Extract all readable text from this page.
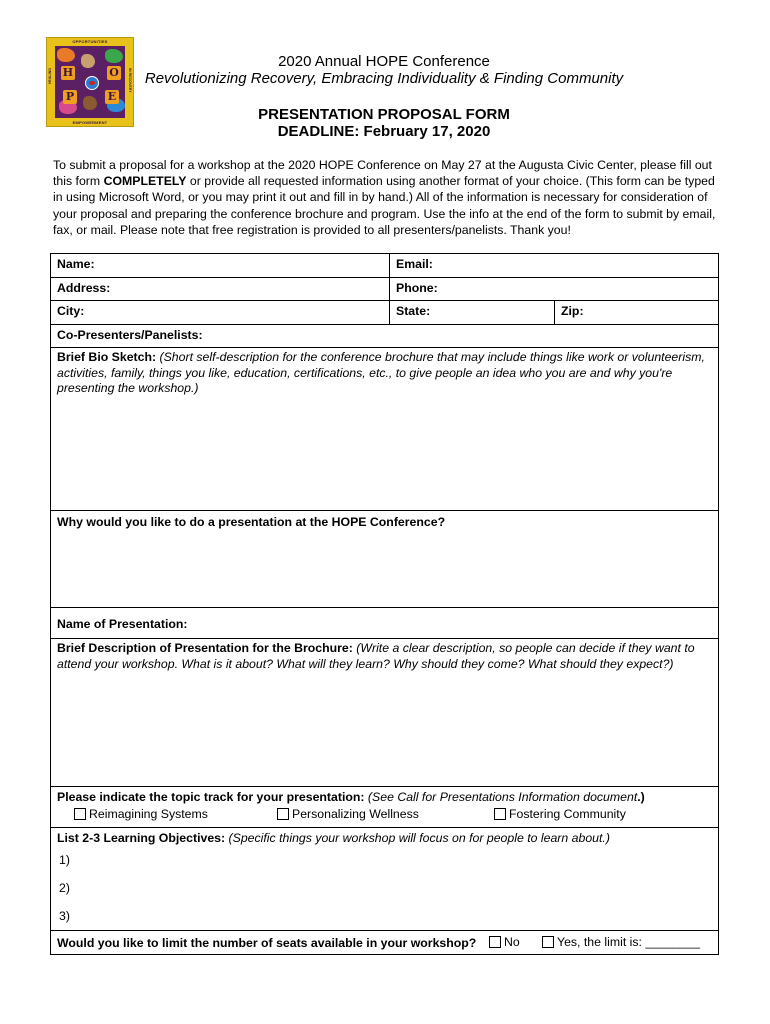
OPPORTUNITIES
HEALING	IN RECOVERY
H	O
P	E
EMPOWERMENT
2020 Annual HOPE Conference
Revolutionizing Recovery, Embracing Individuality & Finding Community
PRESENTATION PROPOSAL FORM
DEADLINE: February 17, 2020
To submit a proposal for a workshop at the 2020 HOPE Conference on May 27 at the Augusta Civic Center, please fill out this form COMPLETELY or provide all requested information using another format of your choice. (This form can be typed in using Microsoft Word, or you may print it out and fill in by hand.) All of the information is necessary for consideration of your proposal and preparing the conference brochure and program. Use the info at the end of the form to submit by email, fax, or mail. Please note that free registration is provided to all presenters/panelists. Thank you!
Name:	Email:
Address:	Phone:
City:	State:	Zip:
Co-Presenters/Panelists:
Brief Bio Sketch: (Short self-description for the conference brochure that may include things like work or volunteerism, activities, family, things you like, education, certifications, etc., to give people an idea who you are and why you're presenting the workshop.)
Why would you like to do a presentation at the HOPE Conference?
Name of Presentation:
Brief Description of Presentation for the Brochure: (Write a clear description, so people can decide if they want to attend your workshop. What is it about? What will they learn? Why should they come? What should they expect?)
Please indicate the topic track for your presentation: (See Call for Presentations Information document.)
Reimagining Systems	Personalizing Wellness	Fostering Community
List 2-3 Learning Objectives: (Specific things your workshop will focus on for people to learn about.)
1)
2)
3)
Would you like to limit the number of seats available in your workshop?	No	Yes, the limit is: ________
